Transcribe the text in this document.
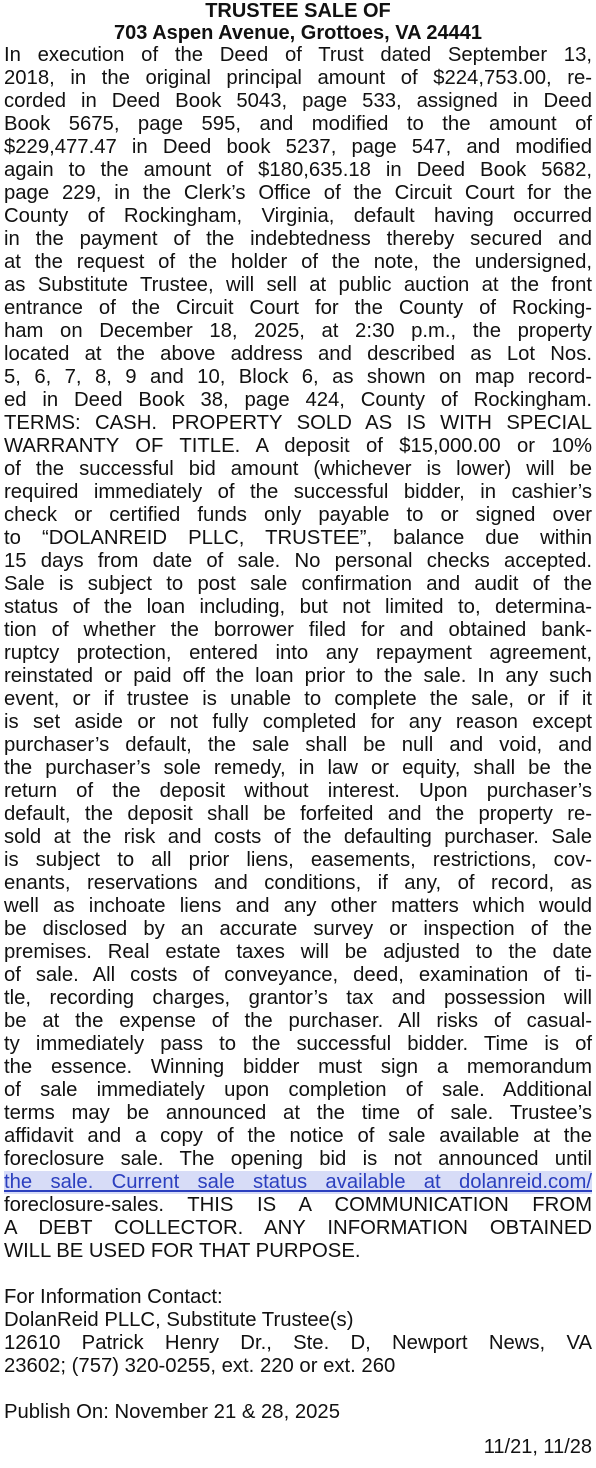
TRUSTEE SALE OF
703 Aspen Avenue, Grottoes, VA 24441
In execution of the Deed of Trust dated September 13,
2018, in the original principal amount of $224,753.00, re-
corded in Deed Book 5043, page 533, assigned in Deed
Book 5675, page 595, and modified to the amount of
$229,477.47 in Deed book 5237, page 547, and modified
again to the amount of $180,635.18 in Deed Book 5682,
page 229, in the Clerk’s Office of the Circuit Court for the
County of Rockingham, Virginia, default having occurred
in the payment of the indebtedness thereby secured and
at the request of the holder of the note, the undersigned,
as Substitute Trustee, will sell at public auction at the front
entrance of the Circuit Court for the County of Rocking-
ham on December 18, 2025, at 2:30 p.m., the property
located at the above address and described as Lot Nos.
5, 6, 7, 8, 9 and 10, Block 6, as shown on map record-
ed in Deed Book 38, page 424, County of Rockingham.
TERMS: CASH. PROPERTY SOLD AS IS WITH SPECIAL
WARRANTY OF TITLE. A deposit of $15,000.00 or 10%
of the successful bid amount (whichever is lower) will be
required immediately of the successful bidder, in cashier’s
check or certified funds only payable to or signed over
to “DOLANREID PLLC, TRUSTEE”, balance due within
15 days from date of sale. No personal checks accepted.
Sale is subject to post sale confirmation and audit of the
status of the loan including, but not limited to, determina-
tion of whether the borrower filed for and obtained bank-
ruptcy protection, entered into any repayment agreement,
reinstated or paid off the loan prior to the sale. In any such
event, or if trustee is unable to complete the sale, or if it
is set aside or not fully completed for any reason except
purchaser’s default, the sale shall be null and void, and
the purchaser’s sole remedy, in law or equity, shall be the
return of the deposit without interest. Upon purchaser’s
default, the deposit shall be forfeited and the property re-
sold at the risk and costs of the defaulting purchaser. Sale
is subject to all prior liens, easements, restrictions, cov-
enants, reservations and conditions, if any, of record, as
well as inchoate liens and any other matters which would
be disclosed by an accurate survey or inspection of the
premises. Real estate taxes will be adjusted to the date
of sale. All costs of conveyance, deed, examination of ti-
tle, recording charges, grantor’s tax and possession will
be at the expense of the purchaser. All risks of casual-
ty immediately pass to the successful bidder. Time is of
the essence. Winning bidder must sign a memorandum
of sale immediately upon completion of sale. Additional
terms may be announced at the time of sale. Trustee’s
affidavit and a copy of the notice of sale available at the
foreclosure sale. The opening bid is not announced until
the sale. Current sale status available at dolanreid.com/
foreclosure-sales. THIS IS A COMMUNICATION FROM
A DEBT COLLECTOR. ANY INFORMATION OBTAINED
WILL BE USED FOR THAT PURPOSE.
For Information Contact:
DolanReid PLLC, Substitute Trustee(s)
12610 Patrick Henry Dr., Ste. D, Newport News, VA
23602; (757) 320-0255, ext. 220 or ext. 260
Publish On: November 21 & 28, 2025
11/21, 11/28
